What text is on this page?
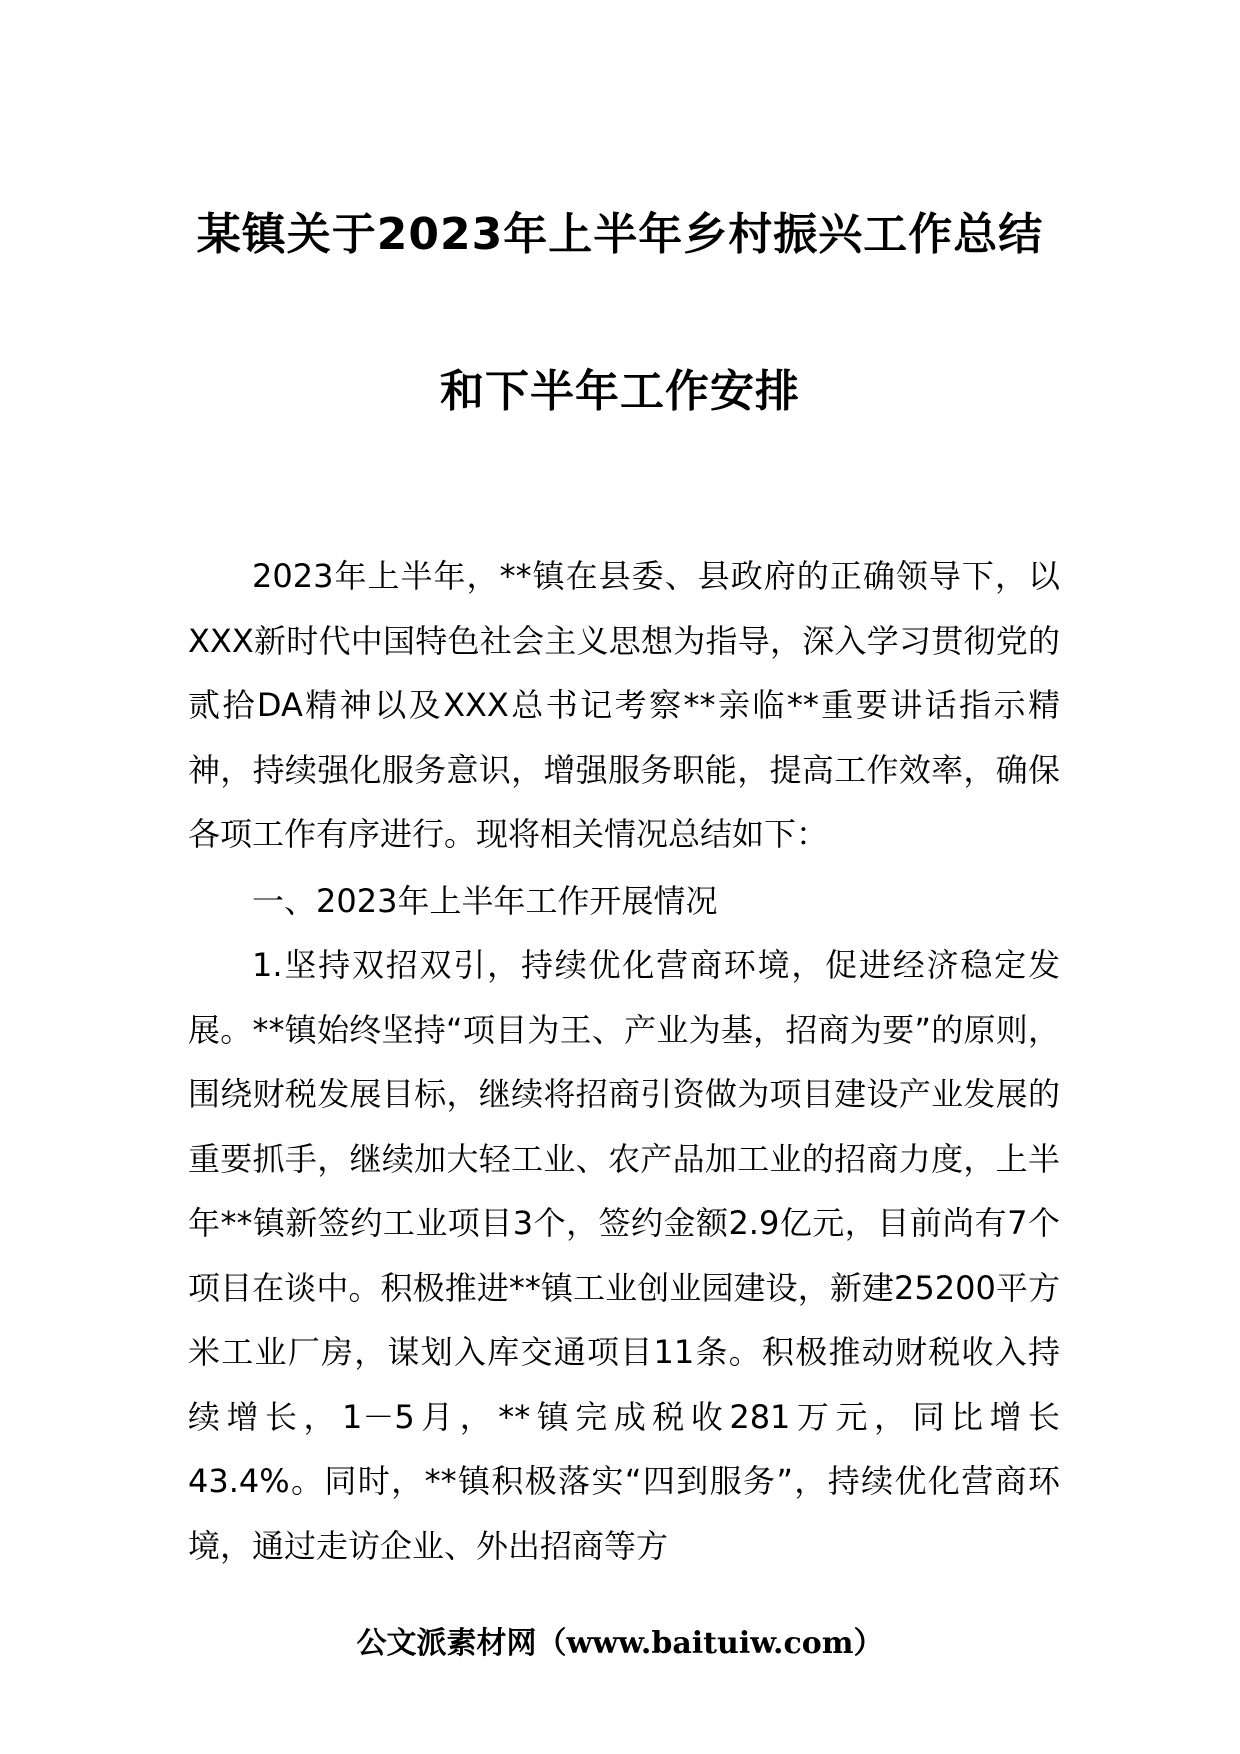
某镇关于2023年上半年乡村振兴工作总结
和下半年工作安排

2023年上半年，**镇在县委、县政府的正确领导下，以XXX新时代中国特色社会主义思想为指导，深入学习贯彻党的贰拾DA精神以及XXX总书记考察**亲临**重要讲话指示精神，持续强化服务意识，增强服务职能，提高工作效率，确保各项工作有序进行。现将相关情况总结如下：

一、2023年上半年工作开展情况

1.坚持双招双引，持续优化营商环境，促进经济稳定发展。**镇始终坚持“项目为王、产业为基，招商为要”的原则，围绕财税发展目标，继续将招商引资做为项目建设产业发展的重要抓手，继续加大轻工业、农产品加工业的招商力度，上半年**镇新签约工业项目3个，签约金额2.9亿元，目前尚有7个项目在谈中。积极推进**镇工业创业园建设，新建25200平方米工业厂房，谋划入库交通项目11条。积极推动财税收入持续增长，1－5月，**镇完成税收281万元，同比增长43.4%。同时，**镇积极落实“四到服务”，持续优化营商环境，通过走访企业、外出招商等方

公文派素材网（www.baituiw.com）
